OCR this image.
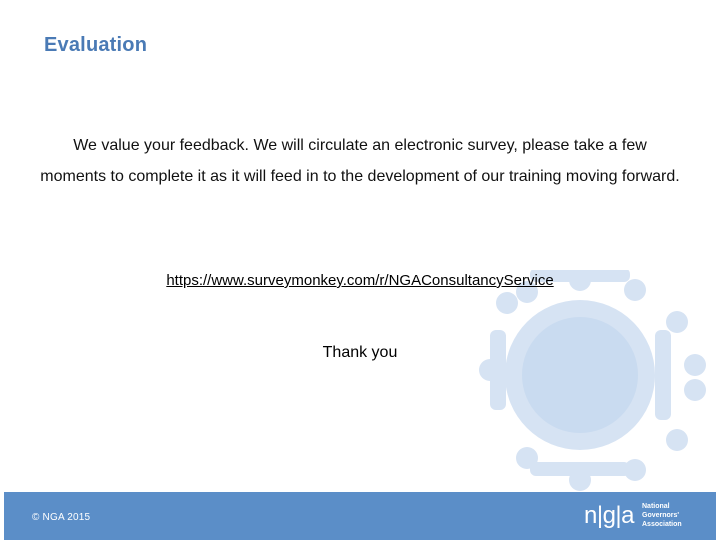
Evaluation
We value your feedback. We will circulate an electronic survey, please take a few moments to complete it as it will feed in to the development of our training moving forward.
https://www.surveymonkey.com/r/NGAConsultancyService
Thank you
© NGA 2015	n|g|a National
Governors'
Association
